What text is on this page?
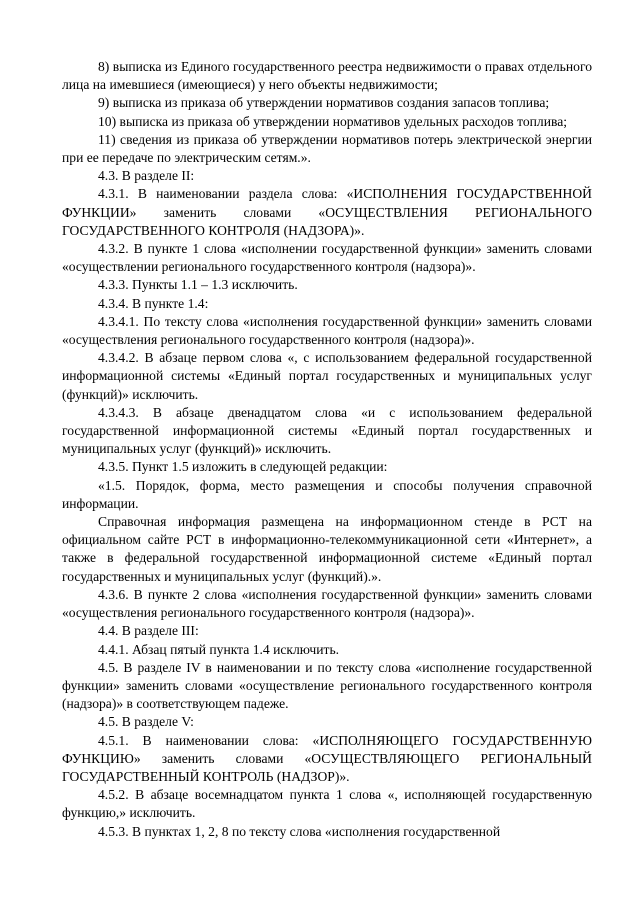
8) выписка из Единого государственного реестра недвижимости о правах отдельного лица на имевшиеся (имеющиеся) у него объекты недвижимости;

9) выписка из приказа об утверждении нормативов создания запасов топлива;

10) выписка из приказа об утверждении нормативов удельных расходов топлива;

11) сведения из приказа об утверждении нормативов потерь электрической энергии при ее передаче по электрическим сетям.».

4.3. В разделе II:

4.3.1. В наименовании раздела слова: «ИСПОЛНЕНИЯ ГОСУДАРСТВЕННОЙ ФУНКЦИИ» заменить словами «ОСУЩЕСТВЛЕНИЯ РЕГИОНАЛЬНОГО ГОСУДАРСТВЕННОГО КОНТРОЛЯ (НАДЗОРА)».

4.3.2. В пункте 1 слова «исполнении государственной функции» заменить словами «осуществлении регионального государственного контроля (надзора)».

4.3.3. Пункты 1.1 – 1.3 исключить.

4.3.4. В пункте 1.4:

4.3.4.1. По тексту слова «исполнения государственной функции» заменить словами «осуществления регионального государственного контроля (надзора)».

4.3.4.2. В абзаце первом слова «, с использованием федеральной государственной информационной системы «Единый портал государственных и муниципальных услуг (функций)» исключить.

4.3.4.3. В абзаце двенадцатом слова «и с использованием федеральной государственной информационной системы «Единый портал государственных и муниципальных услуг (функций)» исключить.

4.3.5. Пункт 1.5 изложить в следующей редакции:

«1.5. Порядок, форма, место размещения и способы получения справочной информации.

Справочная информация размещена на информационном стенде в РСТ на официальном сайте РСТ в информационно-телекоммуникационной сети «Интернет», а также в федеральной государственной информационной системе «Единый портал государственных и муниципальных услуг (функций).».

4.3.6. В пункте 2 слова «исполнения государственной функции» заменить словами «осуществления регионального государственного контроля (надзора)».

4.4. В разделе III:

4.4.1. Абзац пятый пункта 1.4 исключить.

4.5. В разделе IV в наименовании и по тексту слова «исполнение государственной функции» заменить словами «осуществление регионального государственного контроля (надзора)» в соответствующем падеже.

4.5. В разделе V:

4.5.1. В наименовании слова: «ИСПОЛНЯЮЩЕГО ГОСУДАРСТВЕННУЮ ФУНКЦИЮ» заменить словами «ОСУЩЕСТВЛЯЮЩЕГО РЕГИОНАЛЬНЫЙ ГОСУДАРСТВЕННЫЙ КОНТРОЛЬ (НАДЗОР)».

4.5.2. В абзаце восемнадцатом пункта 1 слова «, исполняющей государственную функцию,» исключить.

4.5.3. В пунктах 1, 2, 8 по тексту слова «исполнения государственной
